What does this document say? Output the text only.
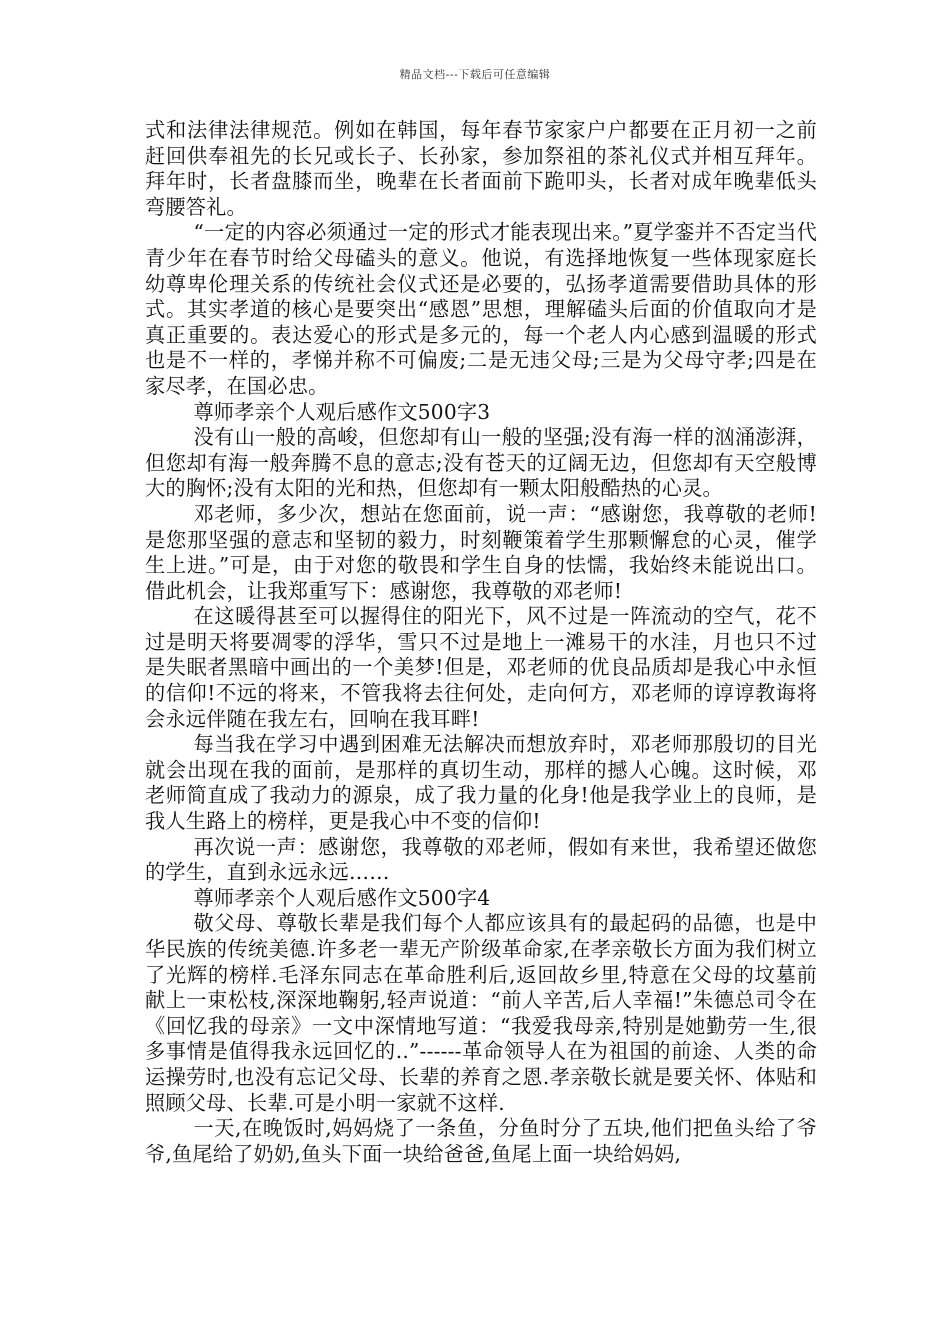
精品文档---下载后可任意编辑

式和法律法律规范。例如在韩国，每年春节家家户户都要在正月初一之前赶回供奉祖先的长兄或长子、长孙家，参加祭祖的茶礼仪式并相互拜年。拜年时，长者盘膝而坐，晚辈在长者面前下跪叩头，长者对成年晚辈低头弯腰答礼。

“一定的内容必须通过一定的形式才能表现出来。”夏学銮并不否定当代青少年在春节时给父母磕头的意义。他说，有选择地恢复一些体现家庭长幼尊卑伦理关系的传统社会仪式还是必要的，弘扬孝道需要借助具体的形式。其实孝道的核心是要突出“感恩”思想，理解磕头后面的价值取向才是真正重要的。表达爱心的形式是多元的，每一个老人内心感到温暖的形式也是不一样的，孝悌并称不可偏废;二是无违父母;三是为父母守孝;四是在家尽孝，在国必忠。

尊师孝亲个人观后感作文500字3

没有山一般的高峻，但您却有山一般的坚强;没有海一样的汹涌澎湃，但您却有海一般奔腾不息的意志;没有苍天的辽阔无边，但您却有天空般博大的胸怀;没有太阳的光和热，但您却有一颗太阳般酷热的心灵。

邓老师，多少次，想站在您面前，说一声：“感谢您，我尊敬的老师!是您那坚强的意志和坚韧的毅力，时刻鞭策着学生那颗懈怠的心灵，催学生上进。”可是，由于对您的敬畏和学生自身的怯懦，我始终未能说出口。借此机会，让我郑重写下：感谢您，我尊敬的邓老师!

在这暖得甚至可以握得住的阳光下，风不过是一阵流动的空气，花不过是明天将要凋零的浮华，雪只不过是地上一滩易干的水洼，月也只不过是失眠者黑暗中画出的一个美梦!但是，邓老师的优良品质却是我心中永恒的信仰!不远的将来，不管我将去往何处，走向何方，邓老师的谆谆教诲将会永远伴随在我左右，回响在我耳畔!

每当我在学习中遇到困难无法解决而想放弃时，邓老师那殷切的目光就会出现在我的面前，是那样的真切生动，那样的撼人心魄。这时候，邓老师简直成了我动力的源泉，成了我力量的化身!他是我学业上的良师，是我人生路上的榜样，更是我心中不变的信仰!

再次说一声：感谢您，我尊敬的邓老师，假如有来世，我希望还做您的学生，直到永远永远……

尊师孝亲个人观后感作文500字4

敬父母、尊敬长辈是我们每个人都应该具有的最起码的品德，也是中华民族的传统美德.许多老一辈无产阶级革命家,在孝亲敬长方面为我们树立了光辉的榜样.毛泽东同志在革命胜利后,返回故乡里,特意在父母的坟墓前献上一束松枝,深深地鞠躬,轻声说道：“前人辛苦,后人幸福!”朱德总司令在《回忆我的母亲》一文中深情地写道：“我爱我母亲,特别是她勤劳一生,很多事情是值得我永远回忆的..”------革命领导人在为祖国的前途、人类的命运操劳时,也没有忘记父母、长辈的养育之恩.孝亲敬长就是要关怀、体贴和照顾父母、长辈.可是小明一家就不这样.

一天,在晚饭时,妈妈烧了一条鱼，分鱼时分了五块,他们把鱼头给了爷爷,鱼尾给了奶奶,鱼头下面一块给爸爸,鱼尾上面一块给妈妈,
